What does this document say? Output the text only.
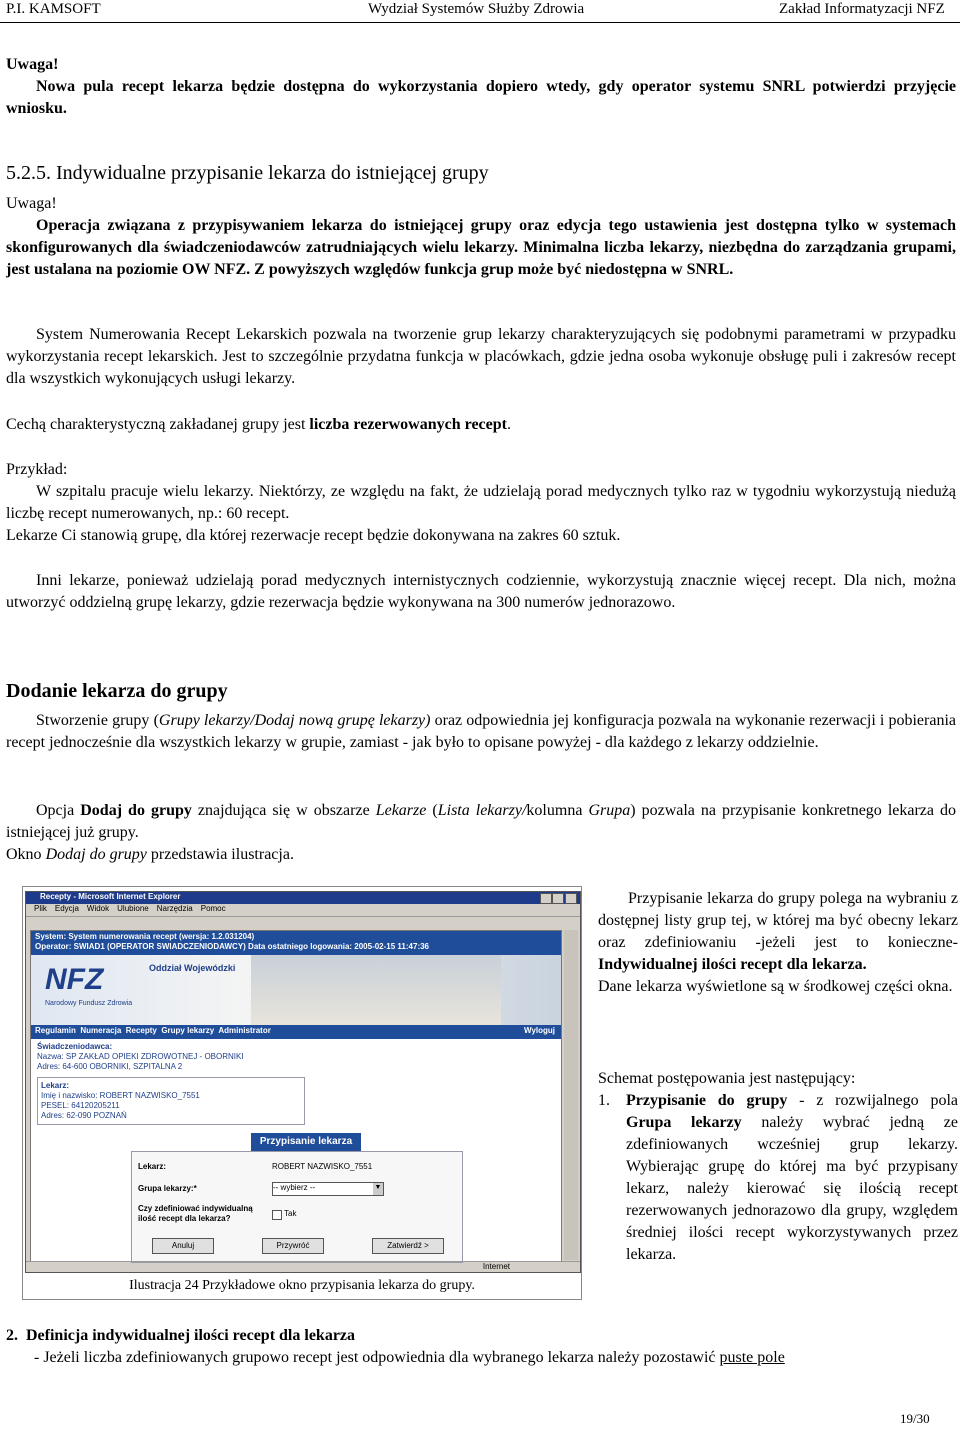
P.I. KAMSOFT	Wydział Systemów Służby Zdrowia	Zakład Informatyzacji NFZ
Uwaga!
Nowa pula recept lekarza będzie dostępna do wykorzystania dopiero wtedy, gdy operator systemu SNRL potwierdzi przyjęcie wniosku.
5.2.5. Indywidualne przypisanie lekarza do istniejącej grupy
Uwaga!
Operacja związana z przypisywaniem lekarza do istniejącej grupy oraz edycja tego ustawienia jest dostępna tylko w systemach skonfigurowanych dla świadczeniodawców zatrudniających wielu lekarzy. Minimalna liczba lekarzy, niezbędna do zarządzania grupami, jest ustalana na poziomie OW NFZ. Z powyższych względów funkcja grup może być niedostępna w SNRL.
System Numerowania Recept Lekarskich pozwala na tworzenie grup lekarzy charakteryzujących się podobnymi parametrami w przypadku wykorzystania recept lekarskich. Jest to szczególnie przydatna funkcja w placówkach, gdzie jedna osoba wykonuje obsługę puli i zakresów recept dla wszystkich wykonujących usługi lekarzy.
Cechą charakterystyczną zakładanej grupy jest liczba rezerwowanych recept.
Przykład:
W szpitalu pracuje wielu lekarzy. Niektórzy, ze względu na fakt, że udzielają porad medycznych tylko raz w tygodniu wykorzystują niedużą liczbę recept numerowanych, np.: 60 recept.
Lekarze Ci stanowią grupę, dla której rezerwacje recept będzie dokonywana na zakres 60 sztuk.
Inni lekarze, ponieważ udzielają porad medycznych internistycznych codziennie, wykorzystują znacznie więcej recept. Dla nich, można utworzyć oddzielną grupę lekarzy, gdzie rezerwacja będzie wykonywana na 300 numerów jednorazowo.
Dodanie lekarza do grupy
Stworzenie grupy (Grupy lekarzy/Dodaj nową grupę lekarzy) oraz odpowiednia jej konfiguracja pozwala na wykonanie rezerwacji i pobierania recept jednocześnie dla wszystkich lekarzy w grupie, zamiast - jak było to opisane powyżej - dla każdego z lekarzy oddzielnie.
Opcja Dodaj do grupy znajdująca się w obszarze Lekarze (Lista lekarzy/kolumna Grupa) pozwala na przypisanie konkretnego lekarza do istniejącej już grupy.
Okno Dodaj do grupy przedstawia ilustracja.
Recepty - Microsoft Internet Explorer
Plik Edycja Widok Ulubione Narzędzia Pomoc
System: System numerowania recept (wersja: 1.2.031204)
Operator: SWIAD1 (OPERATOR SWIADCZENIODAWCY) Data ostatniego logowania: 2005-02-15 11:47:36
NFZ
Narodowy Fundusz Zdrowia
Oddział Wojewódzki
Regulamin Numeracja Recepty Grupy lekarzy Administrator	Wyloguj
Świadczeniodawca:
Nazwa: SP ZAKŁAD OPIEKI ZDROWOTNEJ - OBORNIKI
Adres: 64-600 OBORNIKI, SZPITALNA 2
Lekarz:
Imię i nazwisko: ROBERT NAZWISKO_7551
PESEL: 64120205211
Adres: 62-090 POZNAŃ
Przypisanie lekarza
Lekarz:	ROBERT NAZWISKO_7551
Grupa lekarzy:*	-- wybierz --	▼
Czy zdefiniować indywidualną ilość recept dla lekarza?
Tak
Anuluj	Przywróć	Zatwierdź >
Internet
Ilustracja 24 Przykładowe okno przypisania lekarza do grupy.
Przypisanie lekarza do grupy polega na wybraniu z dostępnej listy grup tej, w której ma być obecny lekarz oraz zdefiniowaniu -jeżeli jest to konieczne- Indywidualnej ilości recept dla lekarza.
Dane lekarza wyświetlone są w środkowej części okna.
Schemat postępowania jest następujący:
1. Przypisanie do grupy - z rozwijalnego pola Grupa lekarzy należy wybrać jedną ze zdefiniowanych wcześniej grup lekarzy. Wybierając grupę do której ma być przypisany lekarz, należy kierować się ilością recept rezerwowanych jednorazowo dla grupy, względem średniej ilości recept wykorzystywanych przez lekarza.
2. Definicja indywidualnej ilości recept dla lekarza
- Jeżeli liczba zdefiniowanych grupowo recept jest odpowiednia dla wybranego lekarza należy pozostawić puste pole
19/30
